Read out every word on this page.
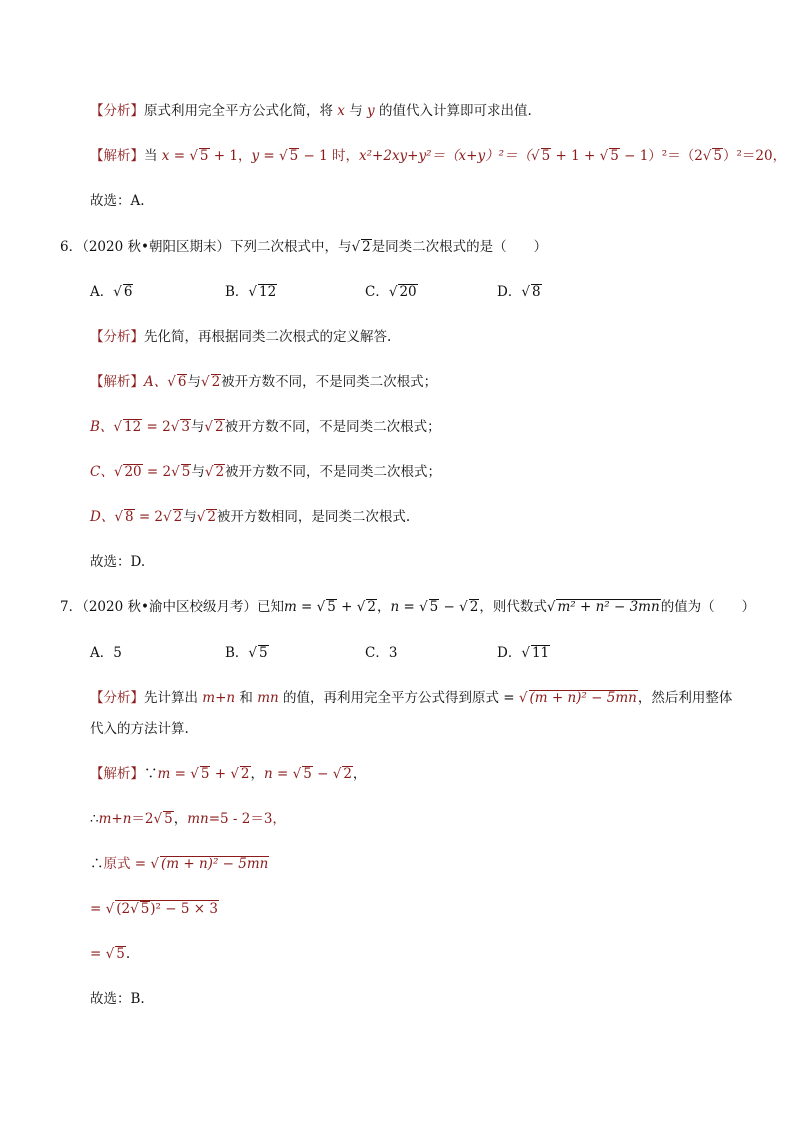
【分析】原式利用完全平方公式化简，将 x 与 y 的值代入计算即可求出值.
【解析】当 x = √ 5 + 1，y = √ 5 − 1 时，x²+2xy+y²＝（x+y）²＝（√ 5 + 1 + √ 5 − 1）²＝（2√ 5）²＝20，
故选：A.
6．（2020 秋•朝阳区期末）下列二次根式中，与√ 2是同类二次根式的是（　　）
A．√ 6	B．√ 12	C．√ 20	D．√ 8
【分析】先化简，再根据同类二次根式的定义解答.
【解析】A、√ 6与√ 2被开方数不同，不是同类二次根式；
B、√ 12 = 2√ 3与√ 2被开方数不同，不是同类二次根式；
C、√ 20 = 2√ 5与√ 2被开方数不同，不是同类二次根式；
D、√ 8 = 2√ 2与√ 2被开方数相同，是同类二次根式.
故选：D.
7．（2020 秋•渝中区校级月考）已知m = √ 5 + √ 2，n = √ 5 − √ 2，则代数式√ m² + n² − 3mn的值为（　　）
A．5	B．√ 5	C．3	D．√ 11
【分析】先计算出 m+n 和 mn 的值，再利用完全平方公式得到原式 = √ (m + n)² − 5mn，然后利用整体
代入的方法计算.
【解析】∵m = √ 5 + √ 2，n = √ 5 − √ 2，
∴m+n＝2√ 5，mn=5 - 2＝3，
∴原式 = √ (m + n)² − 5mn
= √ (2√ 5)² − 5 × 3
= √ 5.
故选：B.
